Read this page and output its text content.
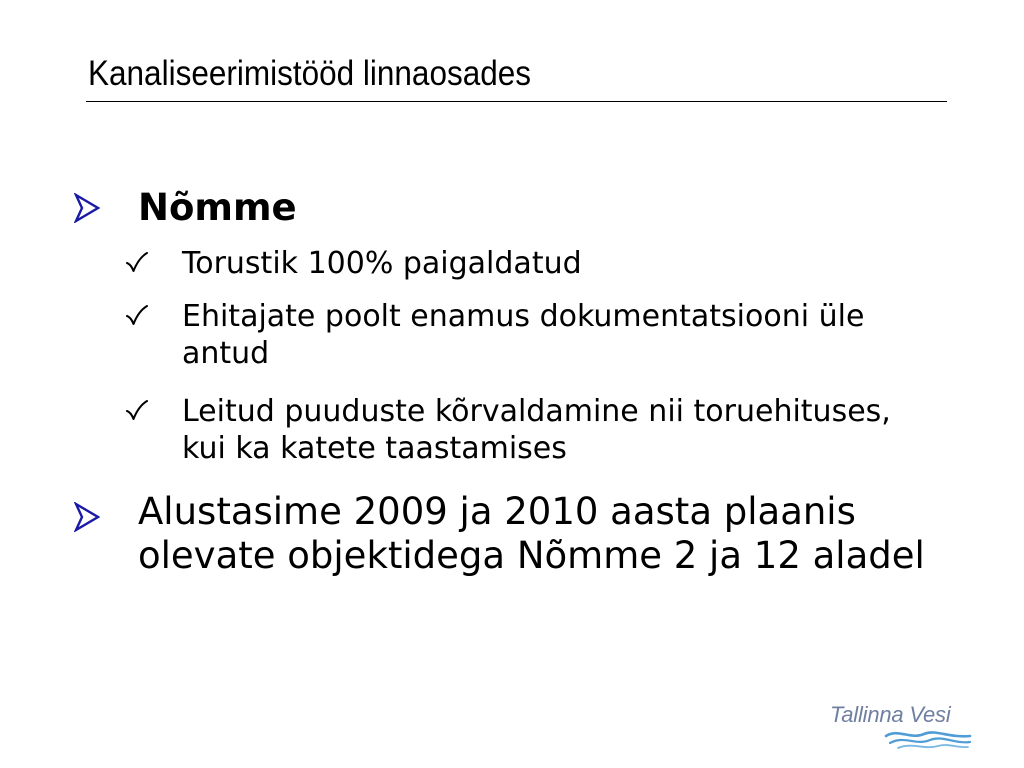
Kanaliseerimistööd linnaosades
Nõmme
Torustik 100% paigaldatud
Ehitajate poolt enamus dokumentatsiooni üle antud
Leitud puuduste kõrvaldamine nii toruehituses, kui ka katete taastamises
Alustasime 2009 ja 2010 aasta plaanis olevate objektidega Nõmme 2 ja 12 aladel
Tallinna Vesi
